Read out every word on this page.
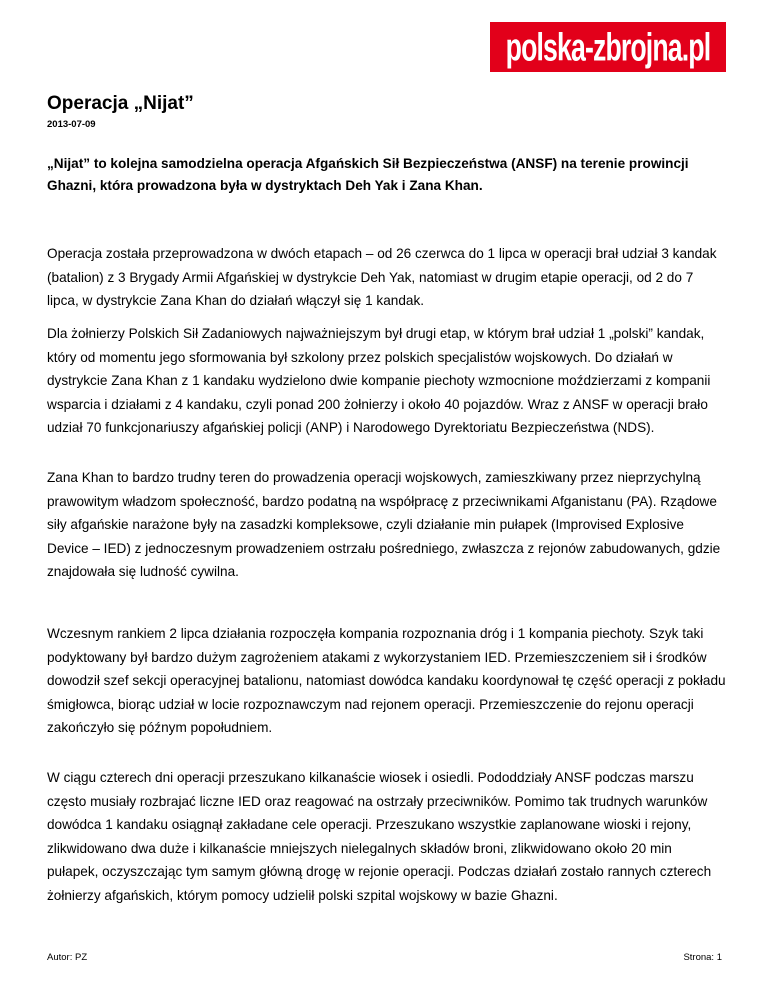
polska-zbrojna.pl
Operacja „Nijat”
2013-07-09

„Nijat” to kolejna samodzielna operacja Afgańskich Sił Bezpieczeństwa (ANSF) na terenie prowincji Ghazni, która prowadzona była w dystryktach Deh Yak i Zana Khan.

Operacja została przeprowadzona w dwóch etapach – od 26 czerwca do 1 lipca w operacji brał udział 3 kandak (batalion) z 3 Brygady Armii Afgańskiej w dystrykcie Deh Yak, natomiast w drugim etapie operacji, od 2 do 7 lipca, w dystrykcie Zana Khan do działań włączył się 1 kandak.

Dla żołnierzy Polskich Sił Zadaniowych najważniejszym był drugi etap, w którym brał udział 1 „polski” kandak, który od momentu jego sformowania był szkolony przez polskich specjalistów wojskowych. Do działań w dystrykcie Zana Khan z 1 kandaku wydzielono dwie kompanie piechoty wzmocnione moździerzami z kompanii wsparcia i działami z 4 kandaku, czyli ponad 200 żołnierzy i około 40 pojazdów. Wraz z ANSF w operacji brało udział 70 funkcjonariuszy afgańskiej policji (ANP) i Narodowego Dyrektoriatu Bezpieczeństwa (NDS).

Zana Khan to bardzo trudny teren do prowadzenia operacji wojskowych, zamieszkiwany przez nieprzychylną prawowitym władzom społeczność, bardzo podatną na współpracę z przeciwnikami Afganistanu (PA). Rządowe siły afgańskie narażone były na zasadzki kompleksowe, czyli działanie min pułapek (Improvised Explosive Device – IED) z jednoczesnym prowadzeniem ostrzału pośredniego, zwłaszcza z rejonów zabudowanych, gdzie znajdowała się ludność cywilna.

Wczesnym rankiem 2 lipca działania rozpoczęła kompania rozpoznania dróg i 1 kompania piechoty. Szyk taki podyktowany był bardzo dużym zagrożeniem atakami z wykorzystaniem IED. Przemieszczeniem sił i środków dowodził szef sekcji operacyjnej batalionu, natomiast dowódca kandaku koordynował tę część operacji z pokładu śmigłowca, biorąc udział w locie rozpoznawczym nad rejonem operacji. Przemieszczenie do rejonu operacji zakończyło się późnym popołudniem.

W ciągu czterech dni operacji przeszukano kilkanaście wiosek i osiedli. Pododdziały ANSF podczas marszu często musiały rozbrajać liczne IED oraz reagować na ostrzały przeciwników. Pomimo tak trudnych warunków dowódca 1 kandaku osiągnął zakładane cele operacji. Przeszukano wszystkie zaplanowane wioski i rejony, zlikwidowano dwa duże i kilkanaście mniejszych nielegalnych składów broni, zlikwidowano około 20 min pułapek, oczyszczając tym samym główną drogę w rejonie operacji. Podczas działań zostało rannych czterech żołnierzy afgańskich, którym pomocy udzielił polski szpital wojskowy w bazie Ghazni.

Autor: PZ	Strona: 1
